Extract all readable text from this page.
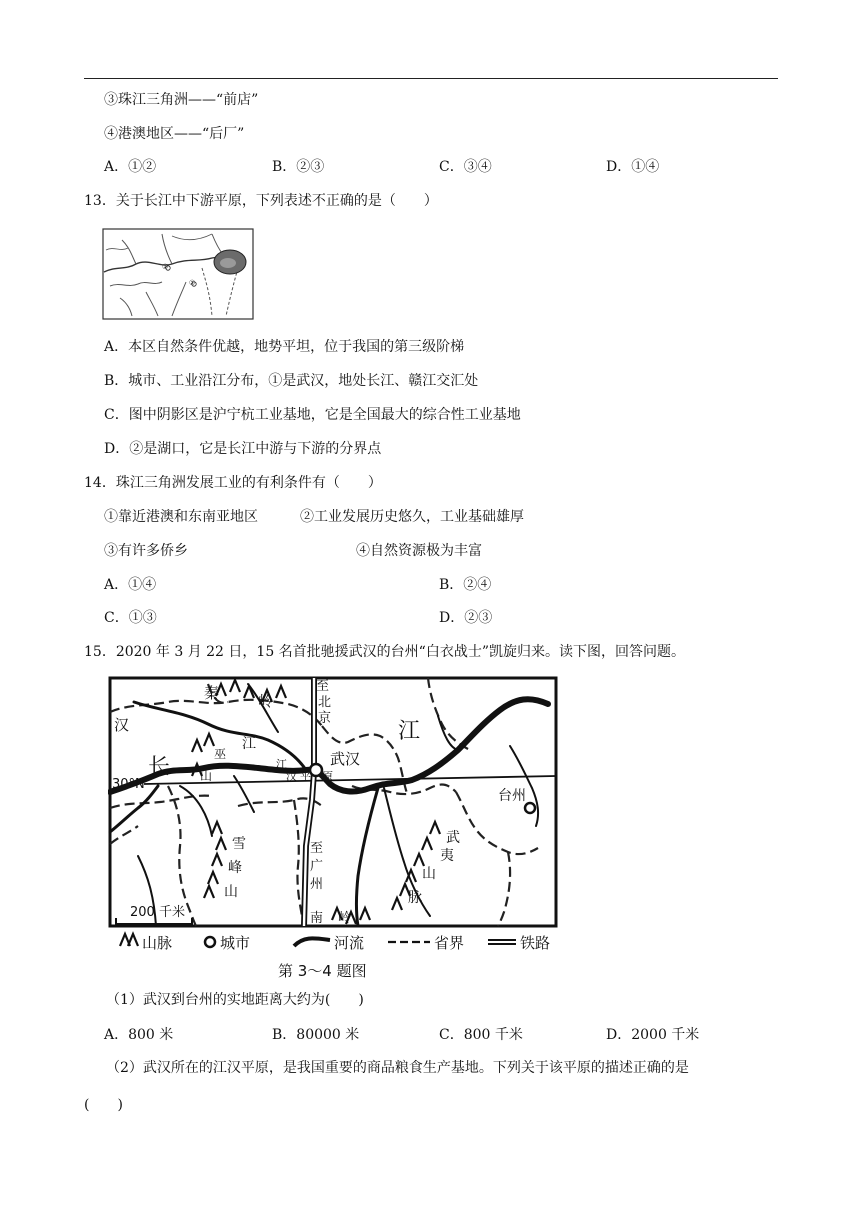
③珠江三角洲——“前店”
④港澳地区——“后厂”
A．①②	B．②③	C．③④	D．①④
13．关于长江中下游平原，下列表述不正确的是（　　）
①
②
A．本区自然条件优越，地势平坦，位于我国的第三级阶梯
B．城市、工业沿江分布，①是武汉，地处长江、赣江交汇处
C．图中阴影区是沪宁杭工业基地，它是全国最大的综合性工业基地
D．②是湖口，它是长江中游与下游的分界点
14．珠江三角洲发展工业的有利条件有（　　）
①靠近港澳和东南亚地区	②工业发展历史悠久，工业基础雄厚
③有许多侨乡	④自然资源极为丰富
A．①④	B．②④
C．①③	D．②③
15．2020 年 3 月 22 日，15 名首批驰援武汉的台州“白衣战士”凯旋归来。读下图，回答问题。
秦	岭
汉
长
江
江
巫
山
30°N
江
汉 平 原
至
北
京
武汉
台州
雪
峰
山
武
夷
山
脉
至
广
州
南 岭
200 千米
山脉	城市	河流	省界	铁路
第 3～4 题图
（1）武汉到台州的实地距离大约为(　　)
A．800 米	B．80000 米	C．800 千米	D．2000 千米
（2）武汉所在的江汉平原，是我国重要的商品粮食生产基地。下列关于该平原的描述正确的是
(　　)
